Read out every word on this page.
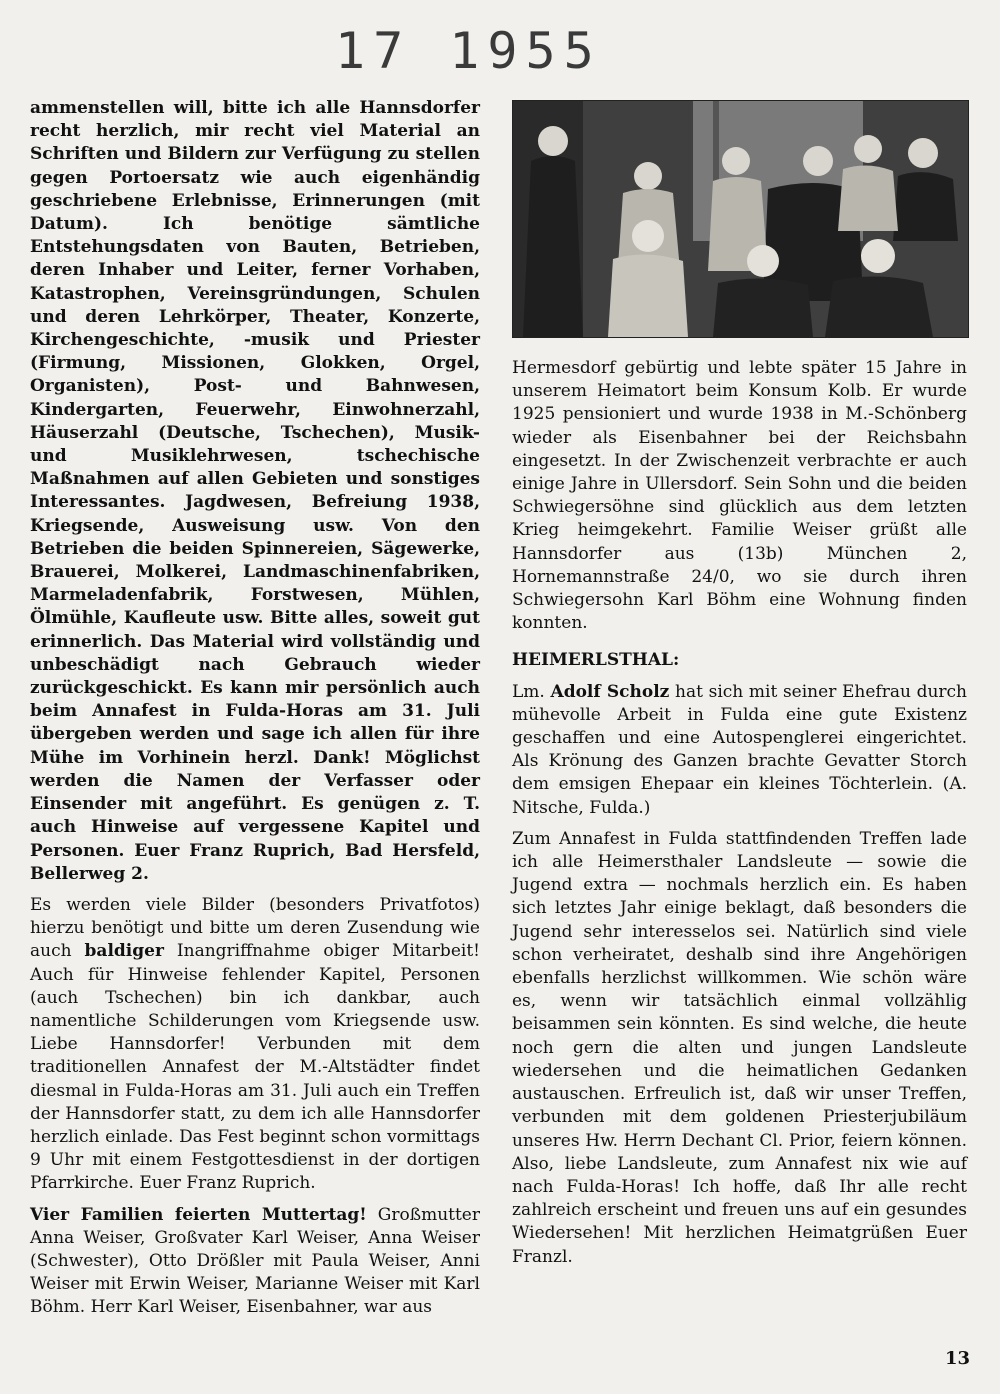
17 1955

ammenstellen will, bitte ich alle Hannsdorfer recht herzlich, mir recht viel Material an Schriften und Bildern zur Verfügung zu stellen gegen Portoersatz wie auch eigenhändig geschriebene Erlebnisse, Erinnerungen (mit Datum). Ich benötige sämtliche Entstehungsdaten von Bauten, Betrieben, deren Inhaber und Leiter, ferner Vorhaben, Katastrophen, Vereinsgründungen, Schulen und deren Lehrkörper, Theater, Konzerte, Kirchengeschichte, -musik und Priester (Firmung, Missionen, Glokken, Orgel, Organisten), Post- und Bahnwesen, Kindergarten, Feuerwehr, Einwohnerzahl, Häuserzahl (Deutsche, Tschechen), Musik- und Musiklehrwesen, tschechische Maßnahmen auf allen Gebieten und sonstiges Interessantes. Jagdwesen, Befreiung 1938, Kriegsende, Ausweisung usw. Von den Betrieben die beiden Spinnereien, Sägewerke, Brauerei, Molkerei, Landmaschinenfabriken, Marmeladenfabrik, Forstwesen, Mühlen, Ölmühle, Kaufleute usw. Bitte alles, soweit gut erinnerlich. Das Material wird vollständig und unbeschädigt nach Gebrauch wieder zurückgeschickt. Es kann mir persönlich auch beim Annafest in Fulda-Horas am 31. Juli übergeben werden und sage ich allen für ihre Mühe im Vorhinein herzl. Dank! Möglichst werden die Namen der Verfasser oder Einsender mit angeführt. Es genügen z. T. auch Hinweise auf vergessene Kapitel und Personen. Euer Franz Ruprich, Bad Hersfeld, Bellerweg 2.

Es werden viele Bilder (besonders Privatfotos) hierzu benötigt und bitte um deren Zusendung wie auch baldiger Inangriffnahme obiger Mitarbeit! Auch für Hinweise fehlender Kapitel, Personen (auch Tschechen) bin ich dankbar, auch namentliche Schilderungen vom Kriegsende usw. Liebe Hannsdorfer! Verbunden mit dem traditionellen Annafest der M.-Altstädter findet diesmal in Fulda-Horas am 31. Juli auch ein Treffen der Hannsdorfer statt, zu dem ich alle Hannsdorfer herzlich einlade. Das Fest beginnt schon vormittags 9 Uhr mit einem Festgottesdienst in der dortigen Pfarrkirche. Euer Franz Ruprich.

Vier Familien feierten Muttertag! Großmutter Anna Weiser, Großvater Karl Weiser, Anna Weiser (Schwester), Otto Drößler mit Paula Weiser, Anni Weiser mit Erwin Weiser, Marianne Weiser mit Karl Böhm. Herr Karl Weiser, Eisenbahner, war aus

Hermesdorf gebürtig und lebte später 15 Jahre in unserem Heimatort beim Konsum Kolb. Er wurde 1925 pensioniert und wurde 1938 in M.-Schönberg wieder als Eisenbahner bei der Reichsbahn eingesetzt. In der Zwischenzeit verbrachte er auch einige Jahre in Ullersdorf. Sein Sohn und die beiden Schwiegersöhne sind glücklich aus dem letzten Krieg heimgekehrt. Familie Weiser grüßt alle Hannsdorfer aus (13b) München 2, Hornemannstraße 24/0, wo sie durch ihren Schwiegersohn Karl Böhm eine Wohnung finden konnten.

HEIMERLSTHAL:

Lm. Adolf Scholz hat sich mit seiner Ehefrau durch mühevolle Arbeit in Fulda eine gute Existenz geschaffen und eine Autospenglerei eingerichtet. Als Krönung des Ganzen brachte Gevatter Storch dem emsigen Ehepaar ein kleines Töchterlein. (A. Nitsche, Fulda.)

Zum Annafest in Fulda stattfindenden Treffen lade ich alle Heimersthaler Landsleute — sowie die Jugend extra — nochmals herzlich ein. Es haben sich letztes Jahr einige beklagt, daß besonders die Jugend sehr interesselos sei. Natürlich sind viele schon verheiratet, deshalb sind ihre Angehörigen ebenfalls herzlichst willkommen. Wie schön wäre es, wenn wir tatsächlich einmal vollzählig beisammen sein könnten. Es sind welche, die heute noch gern die alten und jungen Landsleute wiedersehen und die heimatlichen Gedanken austauschen. Erfreulich ist, daß wir unser Treffen, verbunden mit dem goldenen Priesterjubiläum unseres Hw. Herrn Dechant Cl. Prior, feiern können. Also, liebe Landsleute, zum Annafest nix wie auf nach Fulda-Horas! Ich hoffe, daß Ihr alle recht zahlreich erscheint und freuen uns auf ein gesundes Wiedersehen! Mit herzlichen Heimatgrüßen Euer Franzl.

13
